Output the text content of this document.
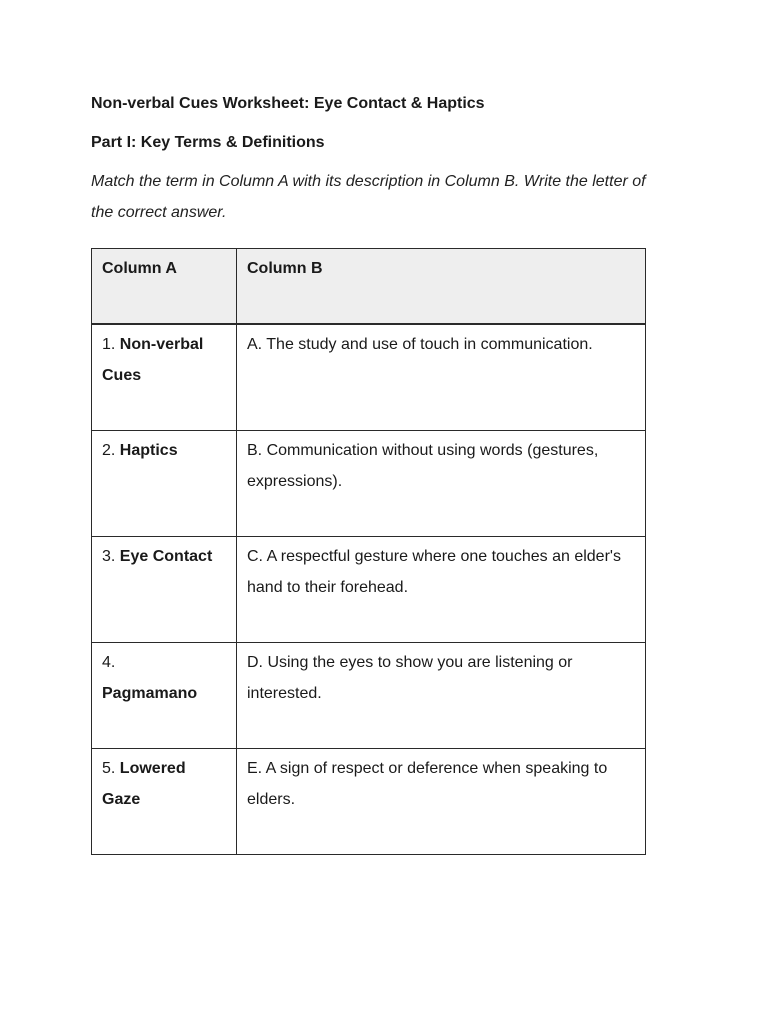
Non-verbal Cues Worksheet: Eye Contact & Haptics
Part I: Key Terms & Definitions
Match the term in Column A with its description in Column B. Write the letter of the correct answer.
Column A	Column B
1. Non-verbal Cues	A. The study and use of touch in communication.
2. Haptics	B. Communication without using words (gestures, expressions).
3. Eye Contact	C. A respectful gesture where one touches an elder's hand to their forehead.
4.
Pagmamano	D. Using the eyes to show you are listening or interested.
5. Lowered Gaze	E. A sign of respect or deference when speaking to elders.
